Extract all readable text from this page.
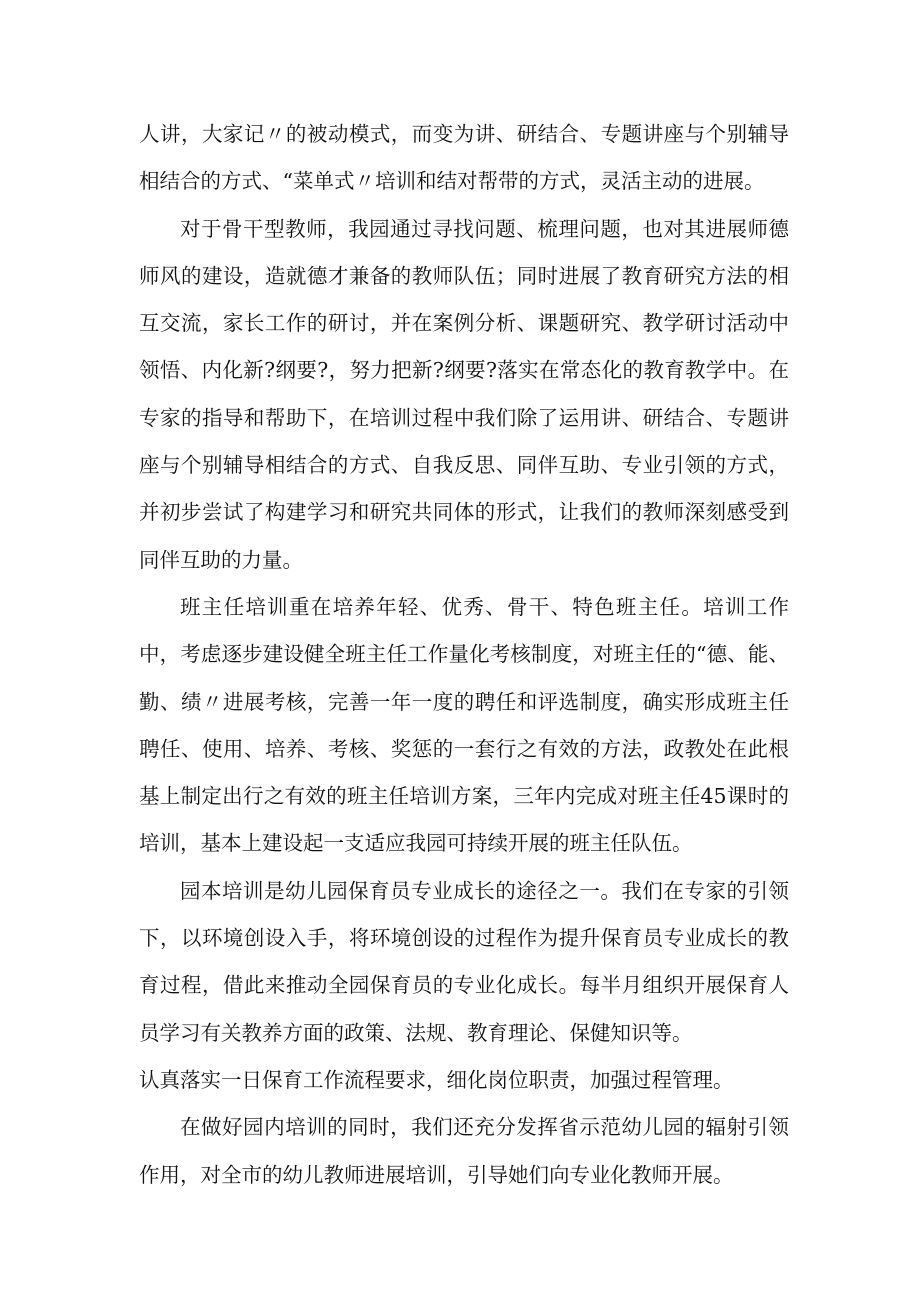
人讲，大家记〃的被动模式，而变为讲、研结合、专题讲座与个别辅导相结合的方式、“菜单式〃培训和结对帮带的方式，灵活主动的进展。

对于骨干型教师，我园通过寻找问题、梳理问题，也对其进展师德师风的建设，造就德才兼备的教师队伍；同时进展了教育研究方法的相互交流，家长工作的研讨，并在案例分析、课题研究、教学研讨活动中领悟、内化新?纲要?，努力把新?纲要?落实在常态化的教育教学中。在专家的指导和帮助下，在培训过程中我们除了运用讲、研结合、专题讲座与个别辅导相结合的方式、自我反思、同伴互助、专业引领的方式，并初步尝试了构建学习和研究共同体的形式，让我们的教师深刻感受到同伴互助的力量。

班主任培训重在培养年轻、优秀、骨干、特色班主任。培训工作中，考虑逐步建设健全班主任工作量化考核制度，对班主任的“德、能、勤、绩〃进展考核，完善一年一度的聘任和评选制度，确实形成班主任聘任、使用、培养、考核、奖惩的一套行之有效的方法，政教处在此根基上制定出行之有效的班主任培训方案，三年内完成对班主任45课时的培训，基本上建设起一支适应我园可持续开展的班主任队伍。

园本培训是幼儿园保育员专业成长的途径之一。我们在专家的引领下，以环境创设入手，将环境创设的过程作为提升保育员专业成长的教育过程，借此来推动全园保育员的专业化成长。每半月组织开展保育人员学习有关教养方面的政策、法规、教育理论、保健知识等。

认真落实一日保育工作流程要求，细化岗位职责，加强过程管理。

在做好园内培训的同时，我们还充分发挥省示范幼儿园的辐射引领作用，对全市的幼儿教师进展培训，引导她们向专业化教师开展。
